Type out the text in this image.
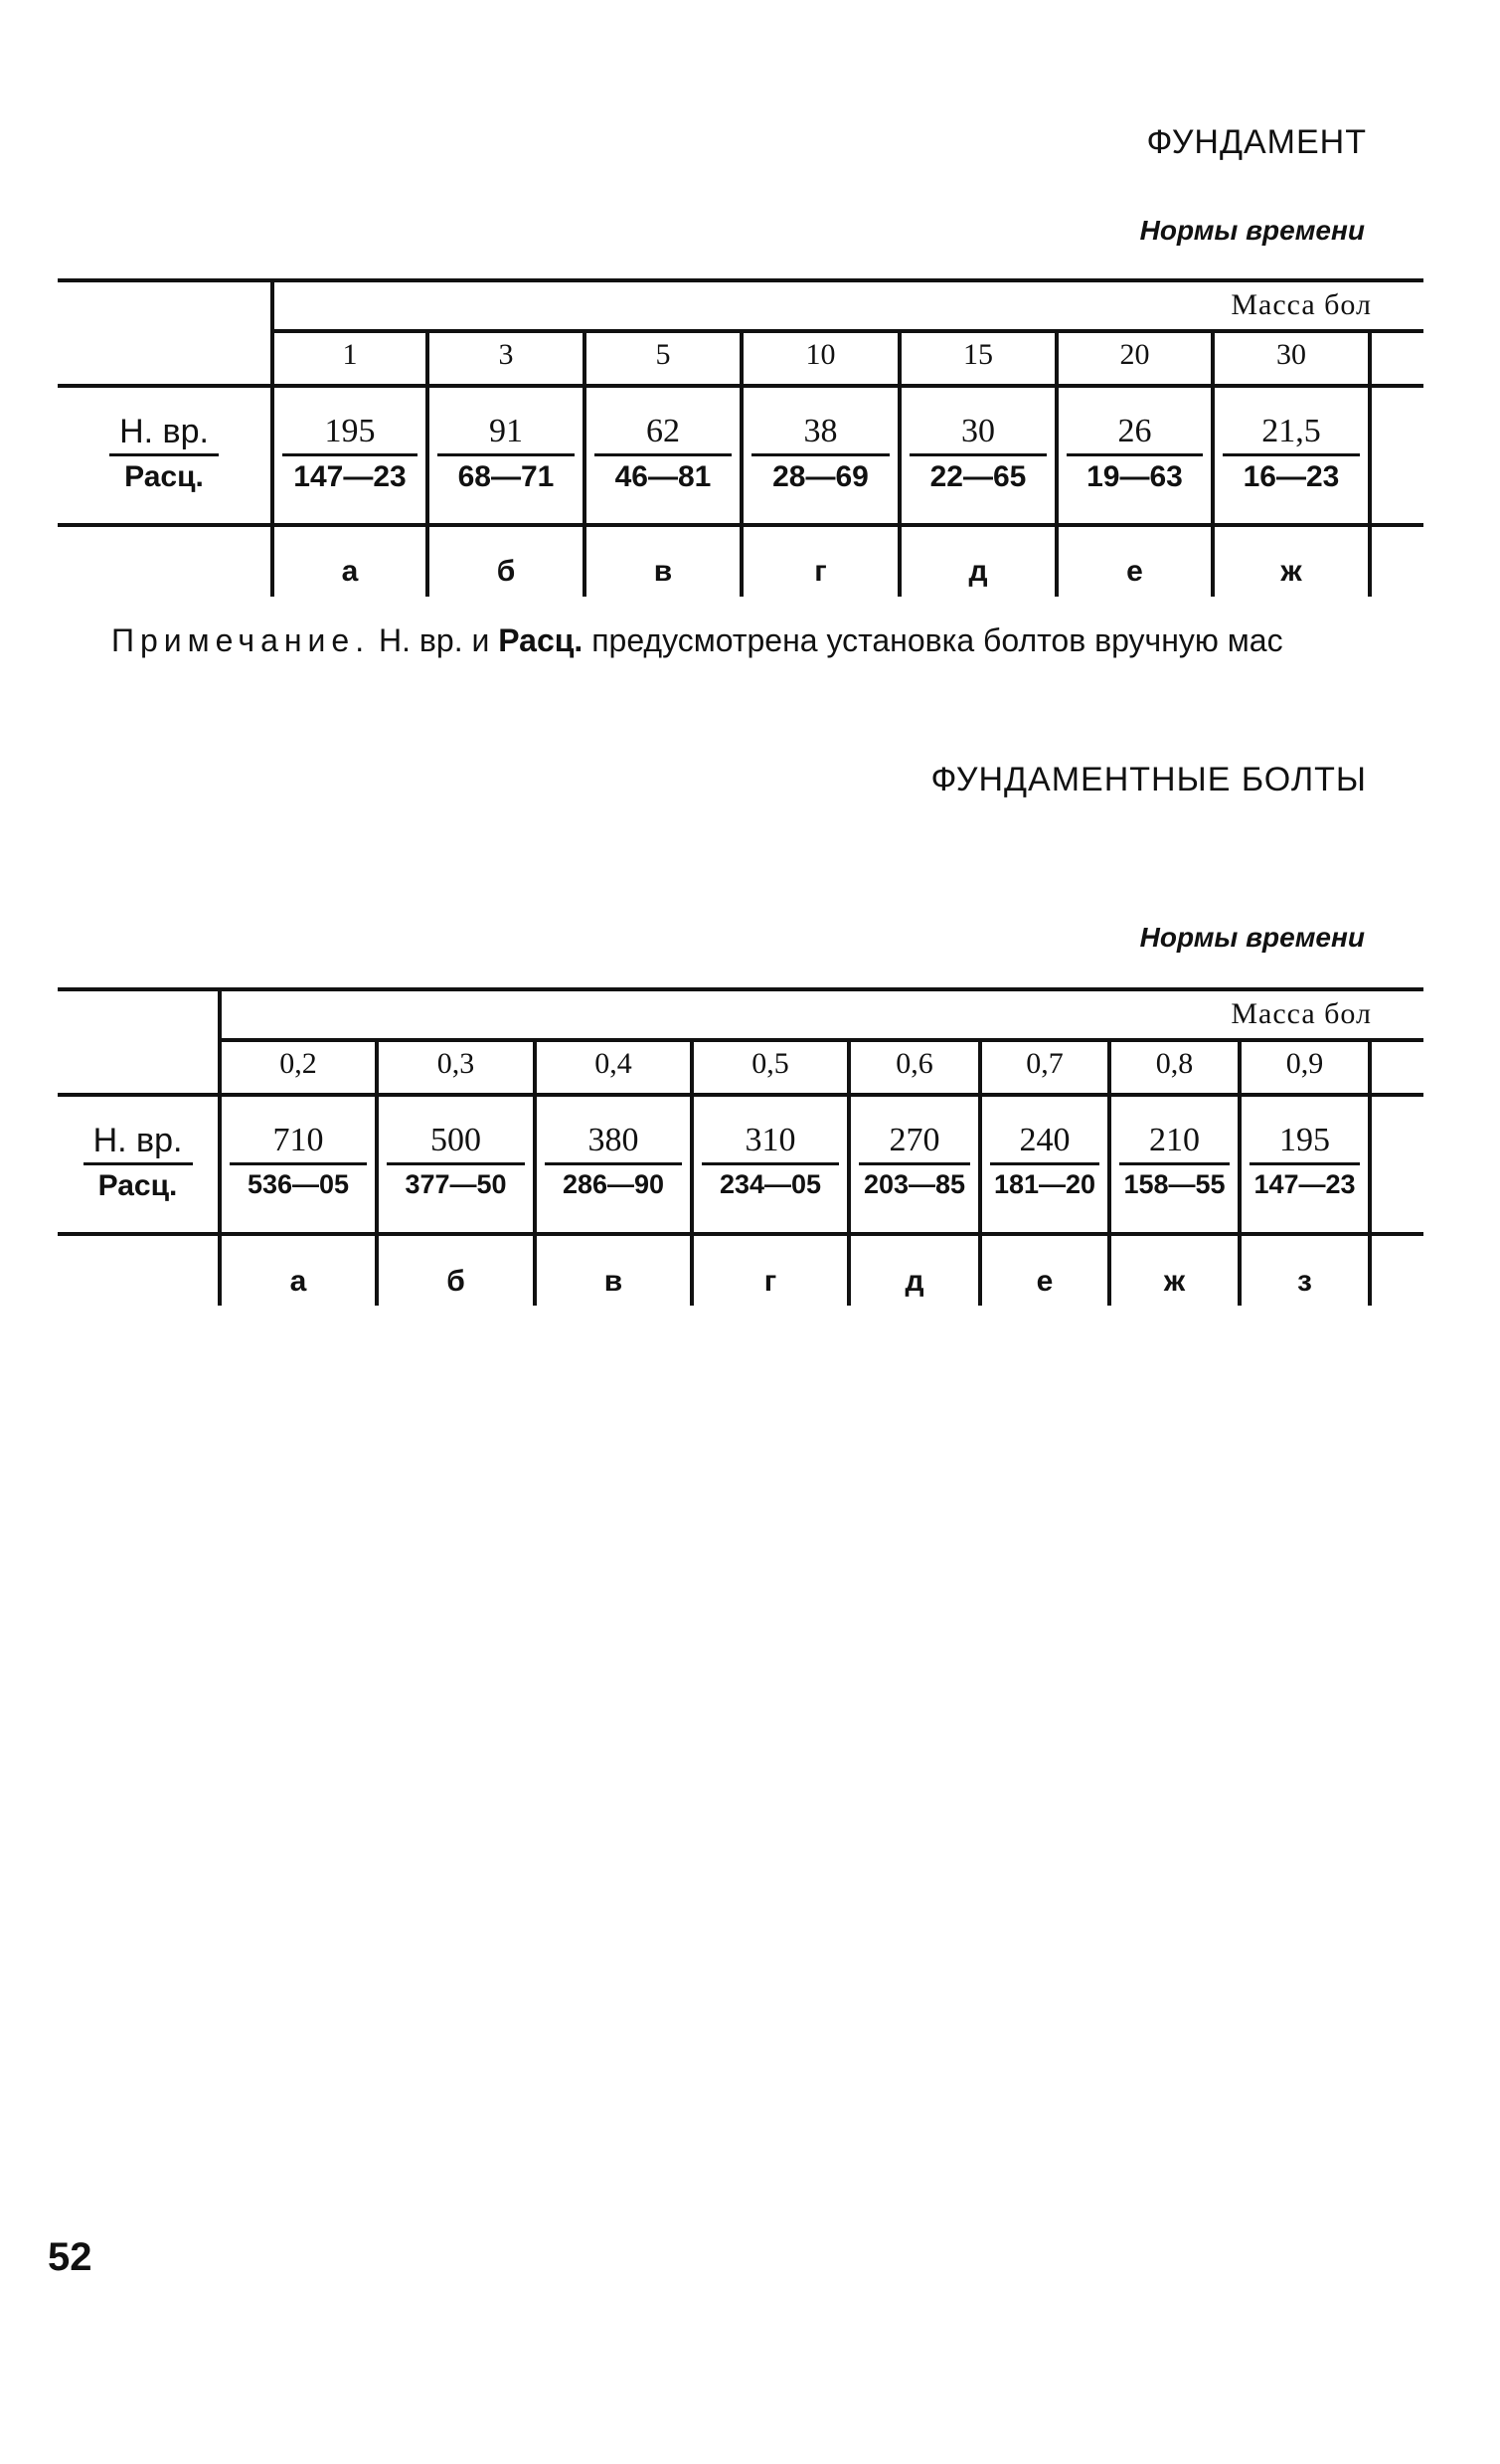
ФУНДАМЕНТ
Нормы времени
Масса бол
Н. вр.
Расц.
1
195
147—23
а
3
91
68—71
б
5
62
46—81
в
10
38
28—69
г
15
30
22—65
д
20
26
19—63
е
30
21,5
16—23
ж
Примечание. Н. вр. и Расц. предусмотрена установка болтов вручную мас
ФУНДАМЕНТНЫЕ БОЛТЫ
Нормы времени
Масса бол
Н. вр.
Расц.
0,2
710
536—05
а
0,3
500
377—50
б
0,4
380
286—90
в
0,5
310
234—05
г
0,6
270
203—85
д
0,7
240
181—20
е
0,8
210
158—55
ж
0,9
195
147—23
з
52
